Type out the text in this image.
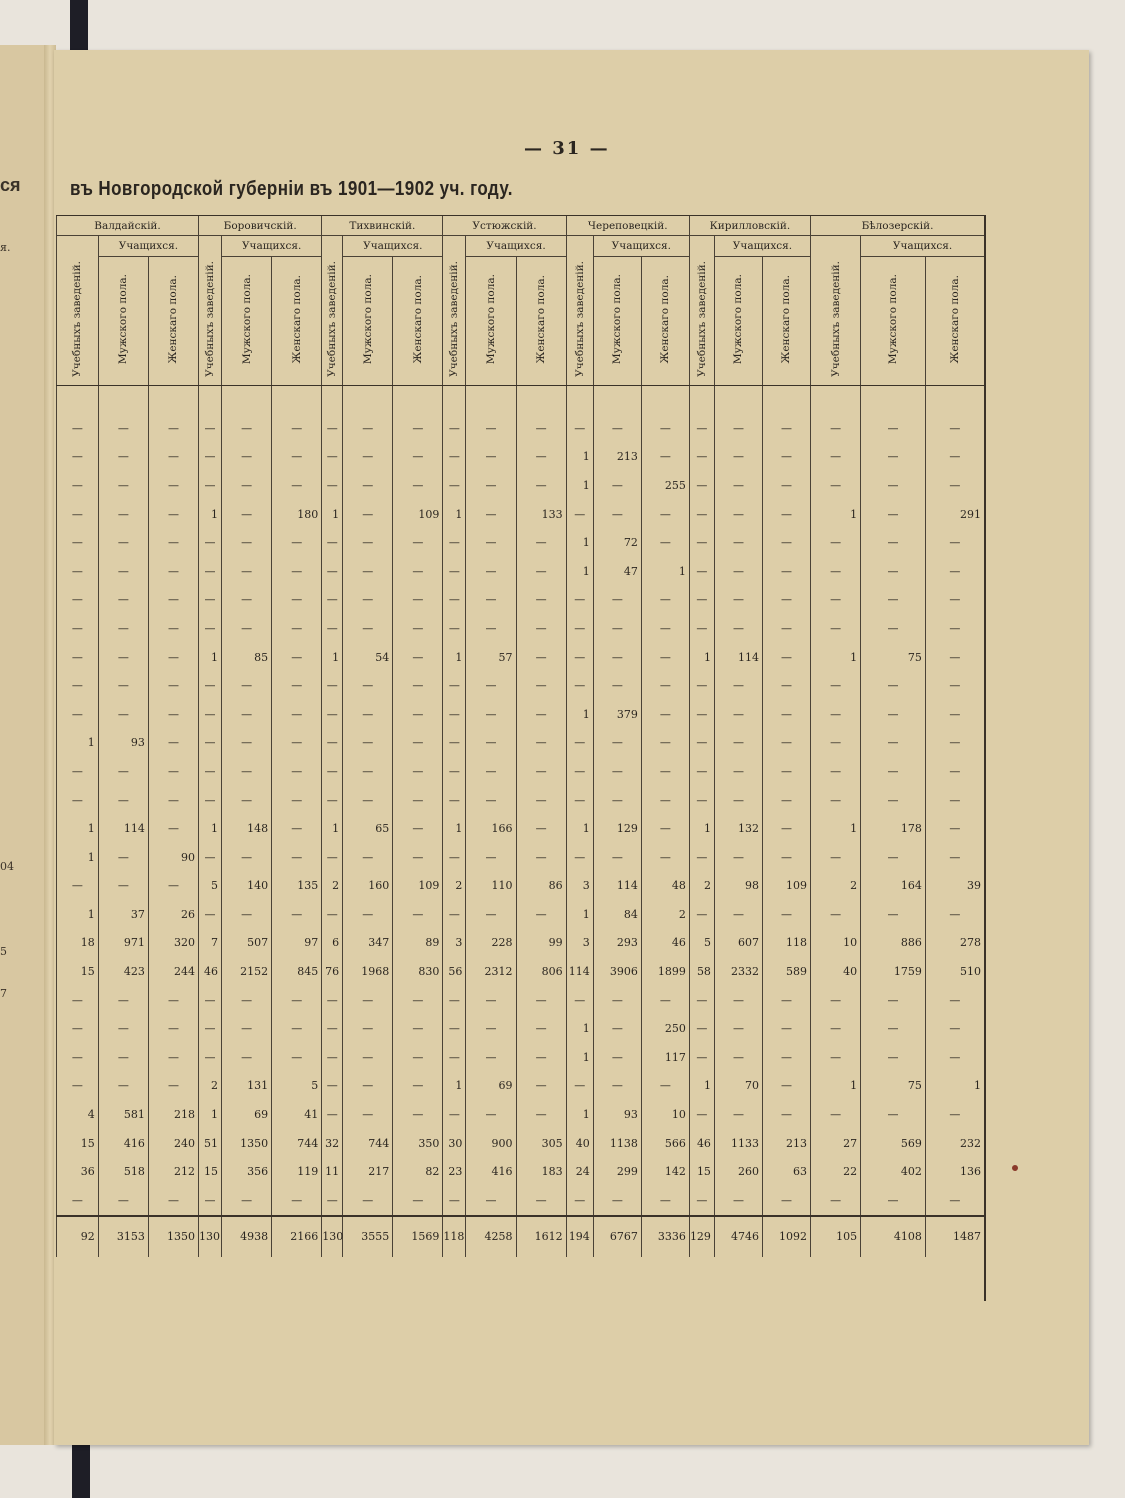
ся
я.
04
5
7
— 31 —
въ Новгородской губерніи въ 1901—1902 уч. году.
Валдайскій.			Боровичскій.			Тихвинскій.			Устюжскій.			Череповецкій.			Кирилловскій.			Бѣлозерскій.		
	Учащихся.			Учащихся.			Учащихся.			Учащихся.			Учащихся.			Учащихся.			Учащихся.	
Учебныхъ заведеній.	Мужского пола.	Женскаго пола.	Учебныхъ заведеній.	Мужского пола.	Женскаго пола.	Учебныхъ заведеній.	Мужского пола.	Женскаго пола.	Учебныхъ заведеній.	Мужского пола.	Женскаго пола.	Учебныхъ заведеній.	Мужского пола.	Женскаго пола.	Учебныхъ заведеній.	Мужского пола.	Женскаго пола.	Учебныхъ заведеній.	Мужского пола.	Женскаго пола.

—	—	—	—	—	—	—	—	—	—	—	—	—	—	—	—	—	—	—	—	—
—	—	—	—	—	—	—	—	—	—	—	—	1	213	—	—	—	—	—	—	—
—	—	—	—	—	—	—	—	—	—	—	—	1	—	255	—	—	—	—	—	—
—	—	—	1	—	180	1	—	109	1	—	133	—	—	—	—	—	—	1	—	291
—	—	—	—	—	—	—	—	—	—	—	—	1	72	—	—	—	—	—	—	—
—	—	—	—	—	—	—	—	—	—	—	—	1	47	1	—	—	—	—	—	—
—	—	—	—	—	—	—	—	—	—	—	—	—	—	—	—	—	—	—	—	—
—	—	—	—	—	—	—	—	—	—	—	—	—	—	—	—	—	—	—	—	—
—	—	—	1	85	—	1	54	—	1	57	—	—	—	—	1	114	—	1	75	—
—	—	—	—	—	—	—	—	—	—	—	—	—	—	—	—	—	—	—	—	—
—	—	—	—	—	—	—	—	—	—	—	—	1	379	—	—	—	—	—	—	—
1	93	—	—	—	—	—	—	—	—	—	—	—	—	—	—	—	—	—	—	—
—	—	—	—	—	—	—	—	—	—	—	—	—	—	—	—	—	—	—	—	—
—	—	—	—	—	—	—	—	—	—	—	—	—	—	—	—	—	—	—	—	—
1	114	—	1	148	—	1	65	—	1	166	—	1	129	—	1	132	—	1	178	—
1	—	90	—	—	—	—	—	—	—	—	—	—	—	—	—	—	—	—	—	—
—	—	—	5	140	135	2	160	109	2	110	86	3	114	48	2	98	109	2	164	39
1	37	26	—	—	—	—	—	—	—	—	—	1	84	2	—	—	—	—	—	—
18	971	320	7	507	97	6	347	89	3	228	99	3	293	46	5	607	118	10	886	278
15	423	244	46	2152	845	76	1968	830	56	2312	806	114	3906	1899	58	2332	589	40	1759	510
—	—	—	—	—	—	—	—	—	—	—	—	—	—	—	—	—	—	—	—	—
—	—	—	—	—	—	—	—	—	—	—	—	1	—	250	—	—	—	—	—	—
—	—	—	—	—	—	—	—	—	—	—	—	1	—	117	—	—	—	—	—	—
—	—	—	2	131	5	—	—	—	1	69	—	—	—	—	1	70	—	1	75	1
4	581	218	1	69	41	—	—	—	—	—	—	1	93	10	—	—	—	—	—	—
15	416	240	51	1350	744	32	744	350	30	900	305	40	1138	566	46	1133	213	27	569	232
36	518	212	15	356	119	11	217	82	23	416	183	24	299	142	15	260	63	22	402	136
—	—	—	—	—	—	—	—	—	—	—	—	—	—	—	—	—	—	—	—	—
92	3153	1350	130	4938	2166	130	3555	1569	118	4258	1612	194	6767	3336	129	4746	1092	105	4108	1487
